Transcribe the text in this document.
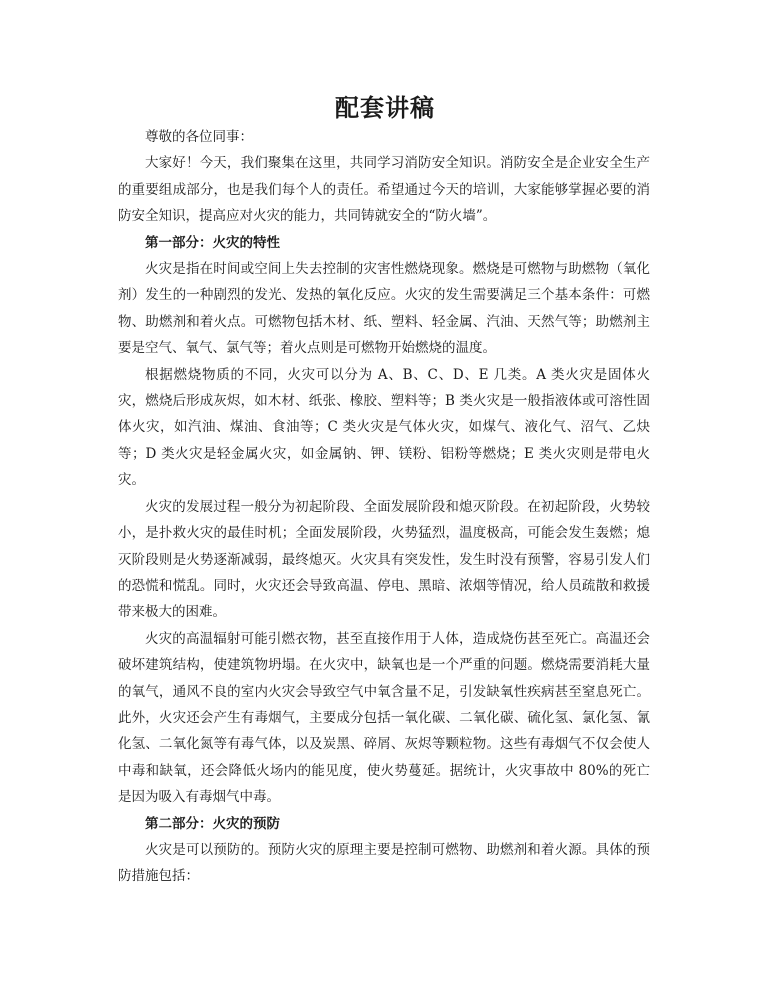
配套讲稿

尊敬的各位同事：

大家好！今天，我们聚集在这里，共同学习消防安全知识。消防安全是企业安全生产的重要组成部分，也是我们每个人的责任。希望通过今天的培训，大家能够掌握必要的消防安全知识，提高应对火灾的能力，共同铸就安全的“防火墙”。

第一部分：火灾的特性

火灾是指在时间或空间上失去控制的灾害性燃烧现象。燃烧是可燃物与助燃物（氧化剂）发生的一种剧烈的发光、发热的氧化反应。火灾的发生需要满足三个基本条件：可燃物、助燃剂和着火点。可燃物包括木材、纸、塑料、轻金属、汽油、天然气等；助燃剂主要是空气、氧气、氯气等；着火点则是可燃物开始燃烧的温度。

根据燃烧物质的不同，火灾可以分为 A、B、C、D、E 几类。A 类火灾是固体火灾，燃烧后形成灰烬，如木材、纸张、橡胶、塑料等；B 类火灾是一般指液体或可溶性固体火灾，如汽油、煤油、食油等；C 类火灾是气体火灾，如煤气、液化气、沼气、乙炔等；D 类火灾是轻金属火灾，如金属钠、钾、镁粉、铝粉等燃烧；E 类火灾则是带电火灾。

火灾的发展过程一般分为初起阶段、全面发展阶段和熄灭阶段。在初起阶段，火势较小，是扑救火灾的最佳时机；全面发展阶段，火势猛烈，温度极高，可能会发生轰燃；熄灭阶段则是火势逐渐减弱，最终熄灭。火灾具有突发性，发生时没有预警，容易引发人们的恐慌和慌乱。同时，火灾还会导致高温、停电、黑暗、浓烟等情况，给人员疏散和救援带来极大的困难。

火灾的高温辐射可能引燃衣物，甚至直接作用于人体，造成烧伤甚至死亡。高温还会破坏建筑结构，使建筑物坍塌。在火灾中，缺氧也是一个严重的问题。燃烧需要消耗大量的氧气，通风不良的室内火灾会导致空气中氧含量不足，引发缺氧性疾病甚至窒息死亡。此外，火灾还会产生有毒烟气，主要成分包括一氧化碳、二氧化碳、硫化氢、氯化氢、氰化氢、二氧化氮等有毒气体，以及炭黑、碎屑、灰烬等颗粒物。这些有毒烟气不仅会使人中毒和缺氧，还会降低火场内的能见度，使火势蔓延。据统计，火灾事故中 80%的死亡是因为吸入有毒烟气中毒。

第二部分：火灾的预防

火灾是可以预防的。预防火灾的原理主要是控制可燃物、助燃剂和着火源。具体的预防措施包括：
